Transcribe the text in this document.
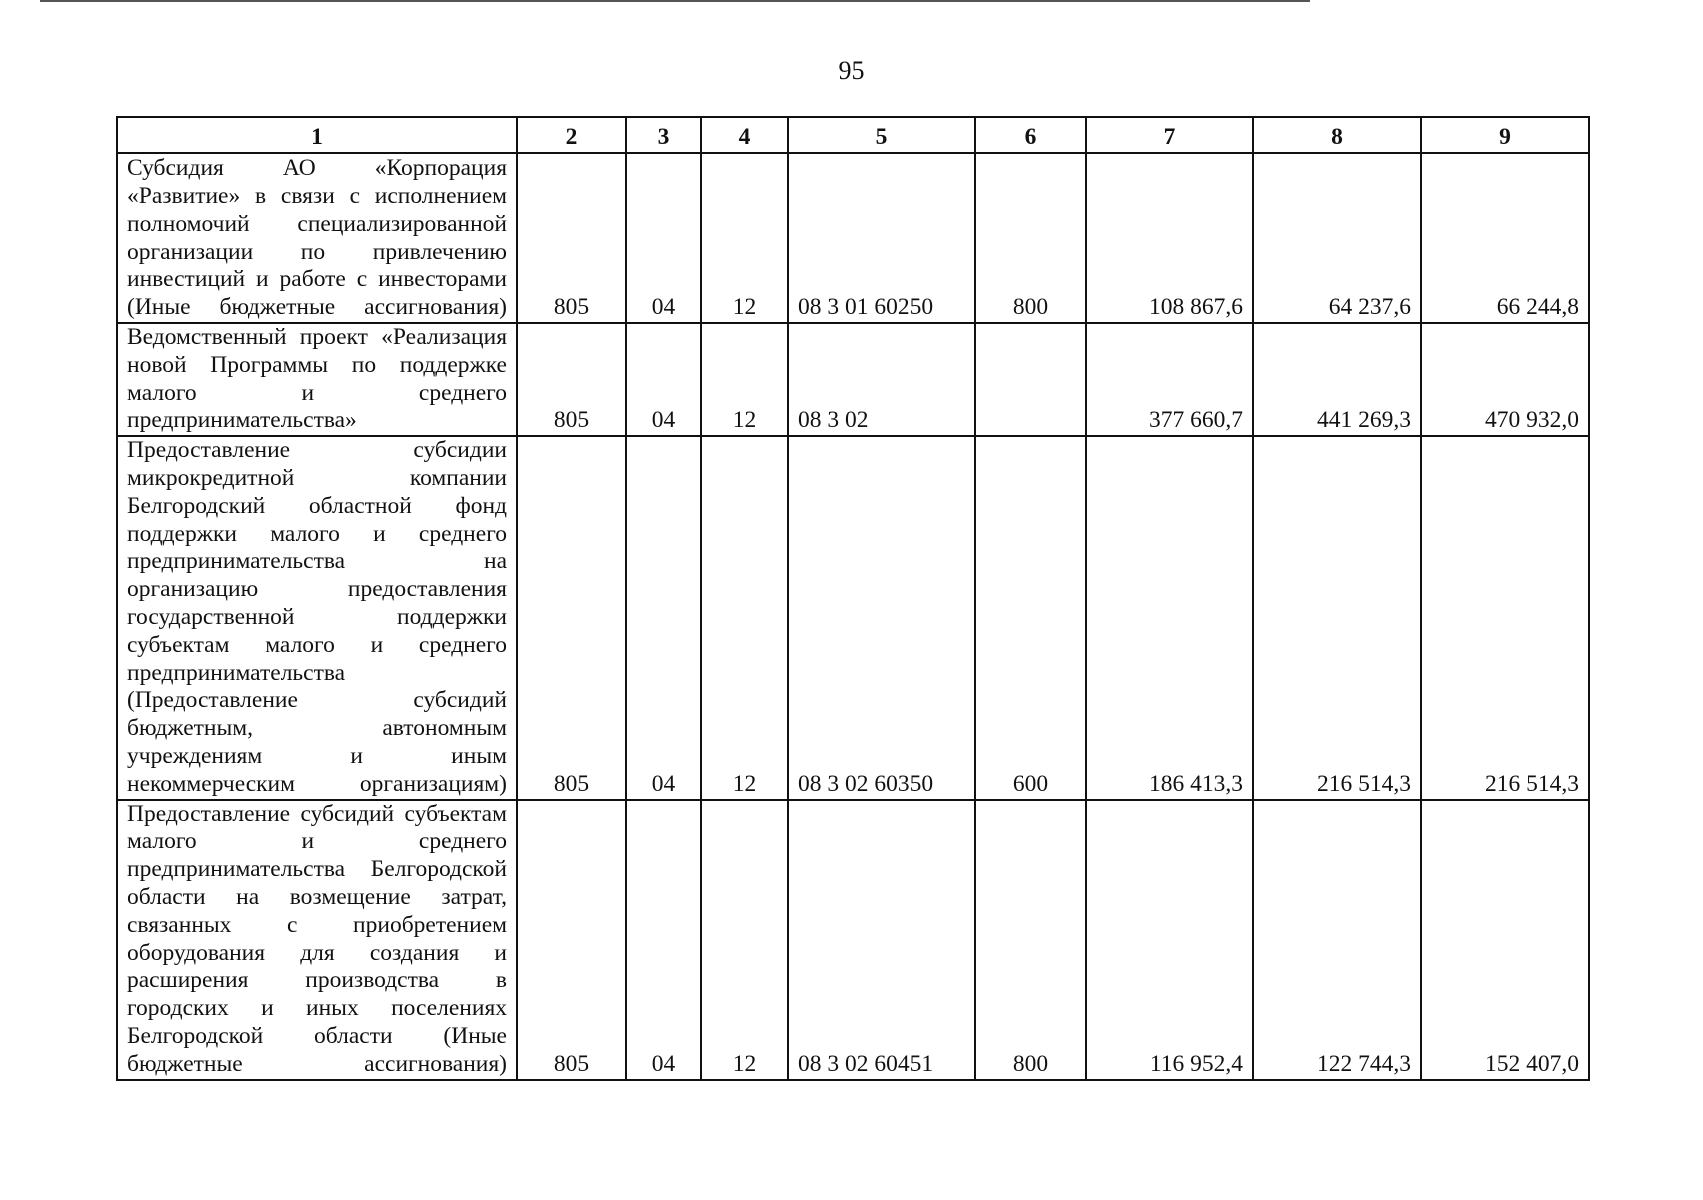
95
1	2	3	4	5	6	7	8	9
Субсидия АО «Корпорация «Развитие» в связи с исполнением полномочий специализированной организации по привлечению инвестиций и работе с инвесторами (Иные бюджетные ассигнования)	805	04	12	08 3 01 60250	800	108 867,6	64 237,6	66 244,8
Ведомственный проект «Реализация новой Программы по поддержке малого и среднего предпринимательства»	805	04	12	08 3 02		377 660,7	441 269,3	470 932,0
Предоставление субсидии микрокредитной компании Белгородский областной фонд поддержки малого и среднего предпринимательства на организацию предоставления государственной поддержки субъектам малого и среднего предпринимательства (Предоставление субсидий бюджетным, автономным учреждениям и иным некоммерческим организациям)	805	04	12	08 3 02 60350	600	186 413,3	216 514,3	216 514,3
Предоставление субсидий субъектам малого и среднего предпринимательства Белгородской области на возмещение затрат, связанных с приобретением оборудования для создания и расширения производства в городских и иных поселениях Белгородской области (Иные бюджетные ассигнования)	805	04	12	08 3 02 60451	800	116 952,4	122 744,3	152 407,0
